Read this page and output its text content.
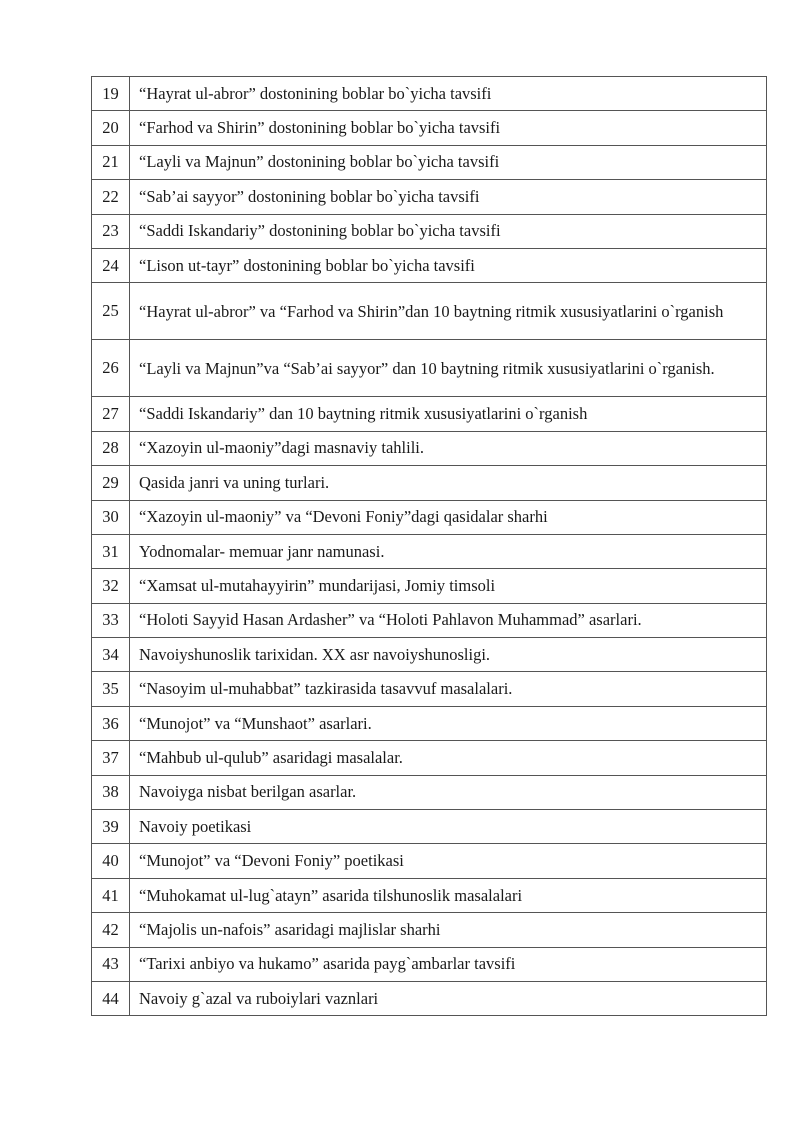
19	“Hayrat ul-abror” dostonining boblar bo`yicha tavsifi
20	“Farhod va Shirin” dostonining boblar bo`yicha tavsifi
21	“Layli va Majnun” dostonining boblar bo`yicha tavsifi
22	“Sab’ai sayyor” dostonining boblar bo`yicha tavsifi
23	“Saddi Iskandariy” dostonining boblar bo`yicha tavsifi
24	“Lison ut-tayr” dostonining boblar bo`yicha tavsifi
25	“Hayrat ul-abror” va “Farhod va Shirin”dan 10 baytning ritmik xususiyatlarini o`rganish
26	“Layli va Majnun”va “Sab’ai sayyor” dan 10 baytning ritmik xususiyatlarini o`rganish.
27	“Saddi Iskandariy” dan 10 baytning ritmik xususiyatlarini o`rganish
28	“Xazoyin ul-maoniy”dagi masnaviy tahlili.
29	Qasida janri va uning turlari.
30	“Xazoyin ul-maoniy” va “Devoni Foniy”dagi qasidalar sharhi
31	Yodnomalar- memuar janr namunasi.
32	“Xamsat ul-mutahayyirin” mundarijasi, Jomiy timsoli
33	“Holoti Sayyid Hasan Ardasher” va “Holoti Pahlavon Muhammad” asarlari.
34	Navoiyshunoslik tarixidan. XX asr navoiyshunosligi.
35	“Nasoyim ul-muhabbat” tazkirasida tasavvuf masalalari.
36	“Munojot” va “Munshaot” asarlari.
37	“Mahbub ul-qulub” asaridagi masalalar.
38	Navoiyga nisbat berilgan asarlar.
39	Navoiy poetikasi
40	“Munojot” va “Devoni Foniy” poetikasi
41	“Muhokamat ul-lug`atayn” asarida tilshunoslik masalalari
42	“Majolis un-nafois” asaridagi majlislar sharhi
43	“Tarixi anbiyo va hukamo” asarida payg`ambarlar tavsifi
44	Navoiy g`azal va ruboiylari vaznlari
